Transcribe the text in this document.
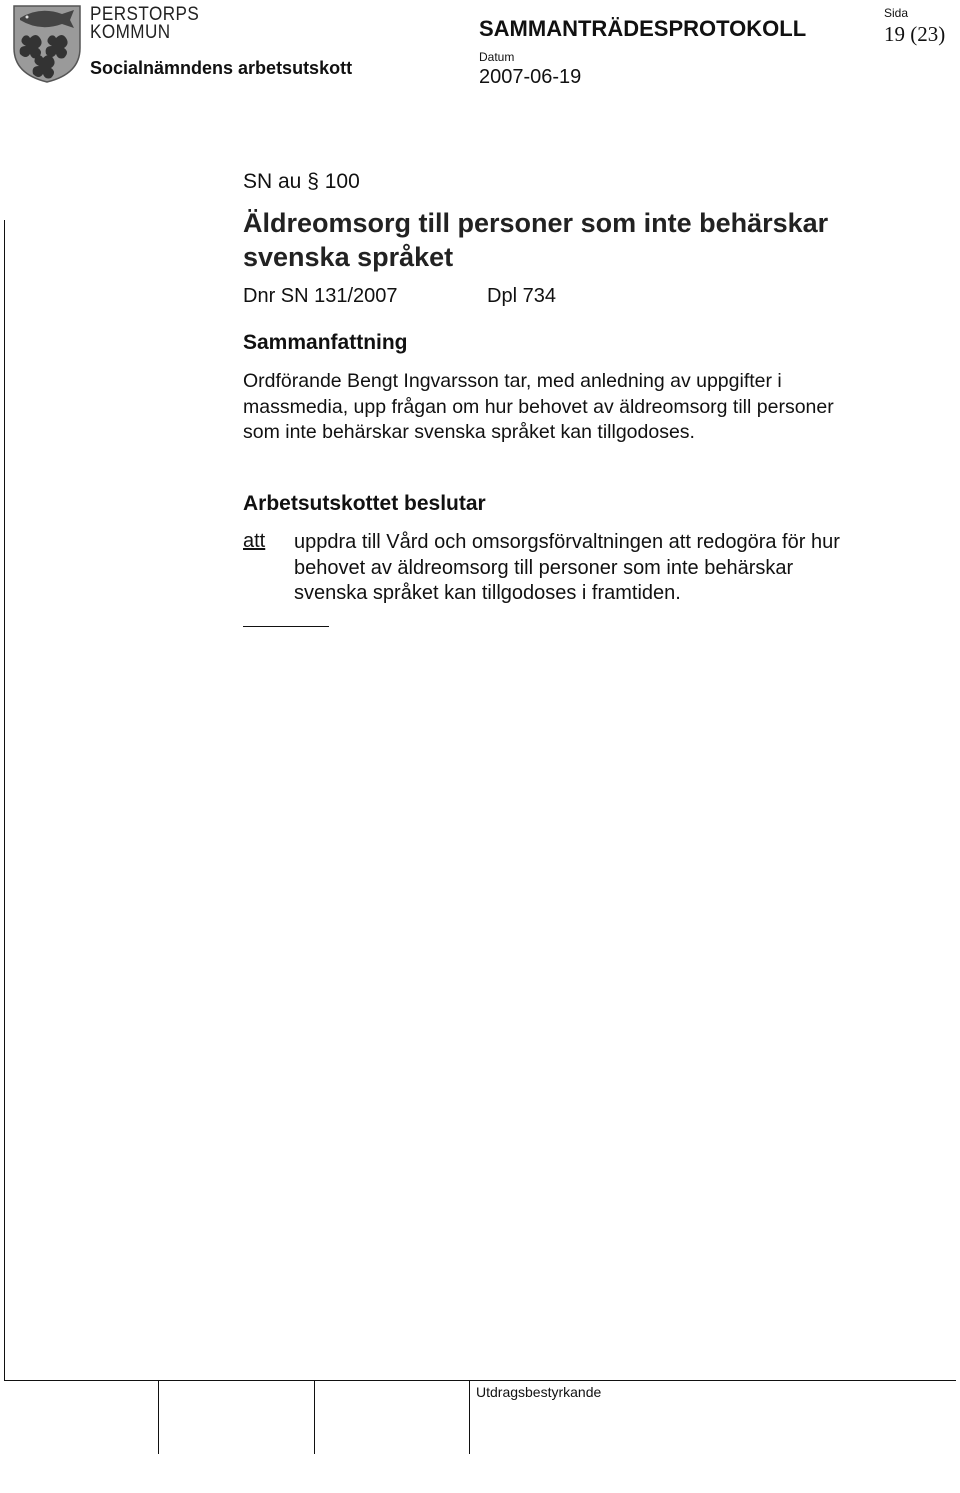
PERSTORPS
KOMMUN
Socialnämndens arbetsutskott
SAMMANTRÄDESPROTOKOLL
Datum
2007-06-19
Sida
19 (23)
SN au § 100
Äldreomsorg till personer som inte behärskar svenska språket
Dnr SN 131/2007	Dpl 734
Sammanfattning
Ordförande Bengt Ingvarsson tar, med anledning av uppgifter i massmedia, upp frågan om hur behovet av äldreomsorg till personer som inte behärskar svenska språket kan tillgodoses.
Arbetsutskottet beslutar
att uppdra till Vård och omsorgsförvaltningen att redogöra för hur behovet av äldreomsorg till personer som inte behärskar svenska språket kan tillgodoses i framtiden.
Utdragsbestyrkande
